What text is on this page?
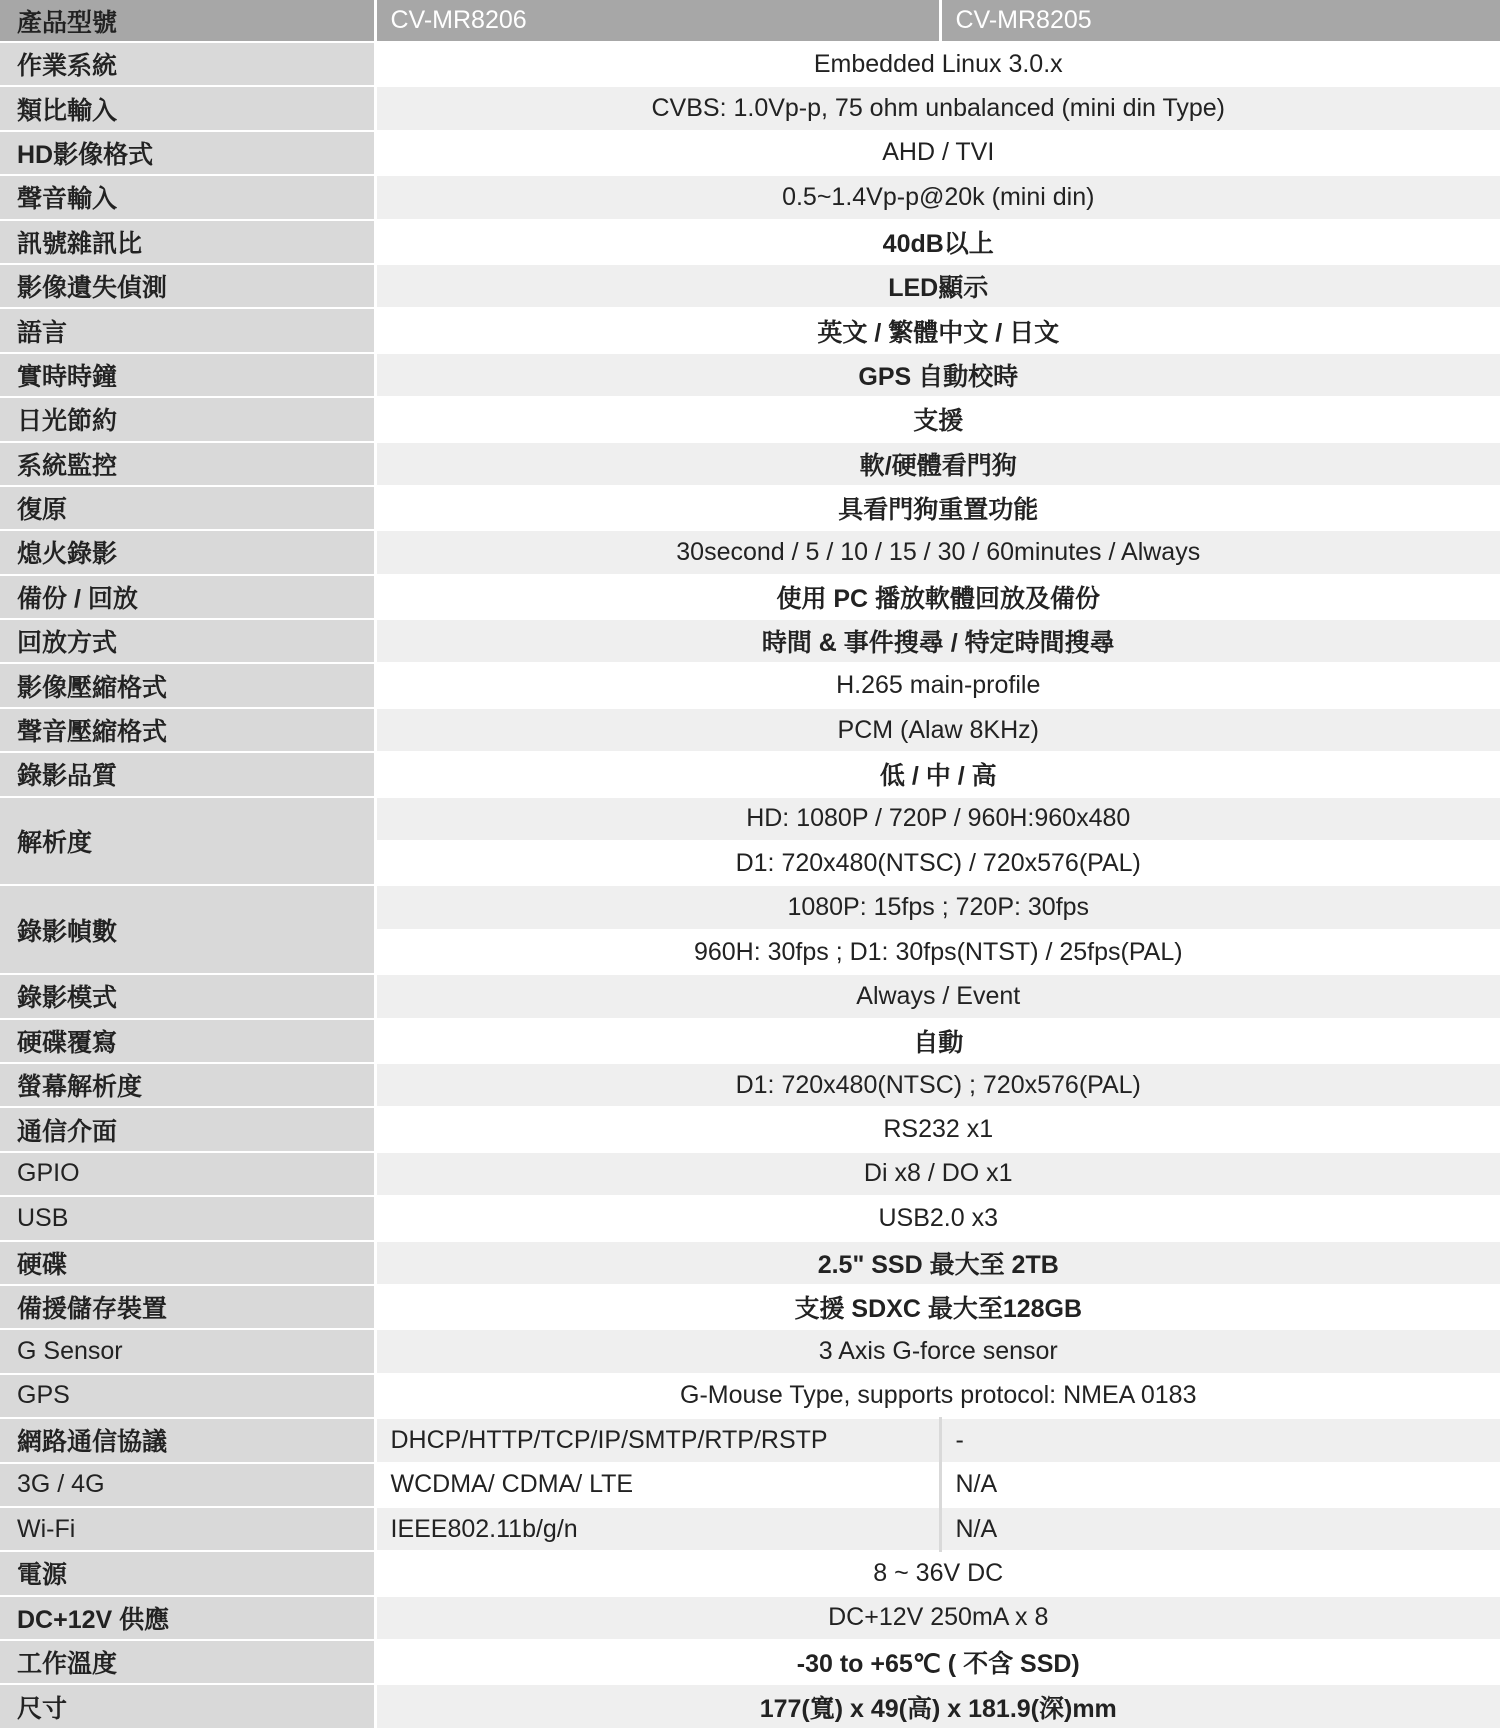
產品型號	CV-MR8206	CV-MR8205
作業系統	Embedded Linux 3.0.x	
類比輸入	CVBS: 1.0Vp-p, 75 ohm unbalanced (mini din Type)	
HD影像格式	AHD / TVI	
聲音輸入	0.5~1.4Vp-p@20k (mini din)	
訊號雜訊比	40dB以上	
影像遺失偵測	LED顯示	
語言	英文 / 繁體中文 / 日文	
實時時鐘	GPS 自動校時	
日光節約	支援	
系統監控	軟/硬體看門狗	
復原	具看門狗重置功能	
熄火錄影	30second / 5 / 10 / 15 / 30 / 60minutes / Always	
備份 / 回放	使用 PC 播放軟體回放及備份	
回放方式	時間 & 事件搜尋 / 特定時間搜尋	
影像壓縮格式	H.265 main-profile	
聲音壓縮格式	PCM (Alaw 8KHz)	
錄影品質	低 / 中 / 高	
解析度	HD: 1080P / 720P / 960H:960x480	
	D1: 720x480(NTSC) / 720x576(PAL)	
錄影幀數	1080P: 15fps ; 720P: 30fps	
	960H: 30fps ; D1: 30fps(NTST) / 25fps(PAL)	
錄影模式	Always / Event	
硬碟覆寫	自動	
螢幕解析度	D1: 720x480(NTSC) ; 720x576(PAL)	
通信介面	RS232 x1	
GPIO	Di x8 / DO x1	
USB	USB2.0 x3	
硬碟	2.5" SSD 最大至 2TB	
備援儲存裝置	支援 SDXC 最大至128GB	
G Sensor	3 Axis G-force sensor	
GPS	G-Mouse Type, supports protocol: NMEA 0183	
網路通信協議	DHCP/HTTP/TCP/IP/SMTP/RTP/RSTP	-
3G / 4G	WCDMA/ CDMA/ LTE	N/A
Wi-Fi	IEEE802.11b/g/n	N/A
電源	8 ~ 36V DC	
DC+12V 供應	DC+12V 250mA x 8	
工作溫度	-30 to +65℃ ( 不含 SSD)	
尺寸	177(寬) x 49(高) x 181.9(深)mm	
